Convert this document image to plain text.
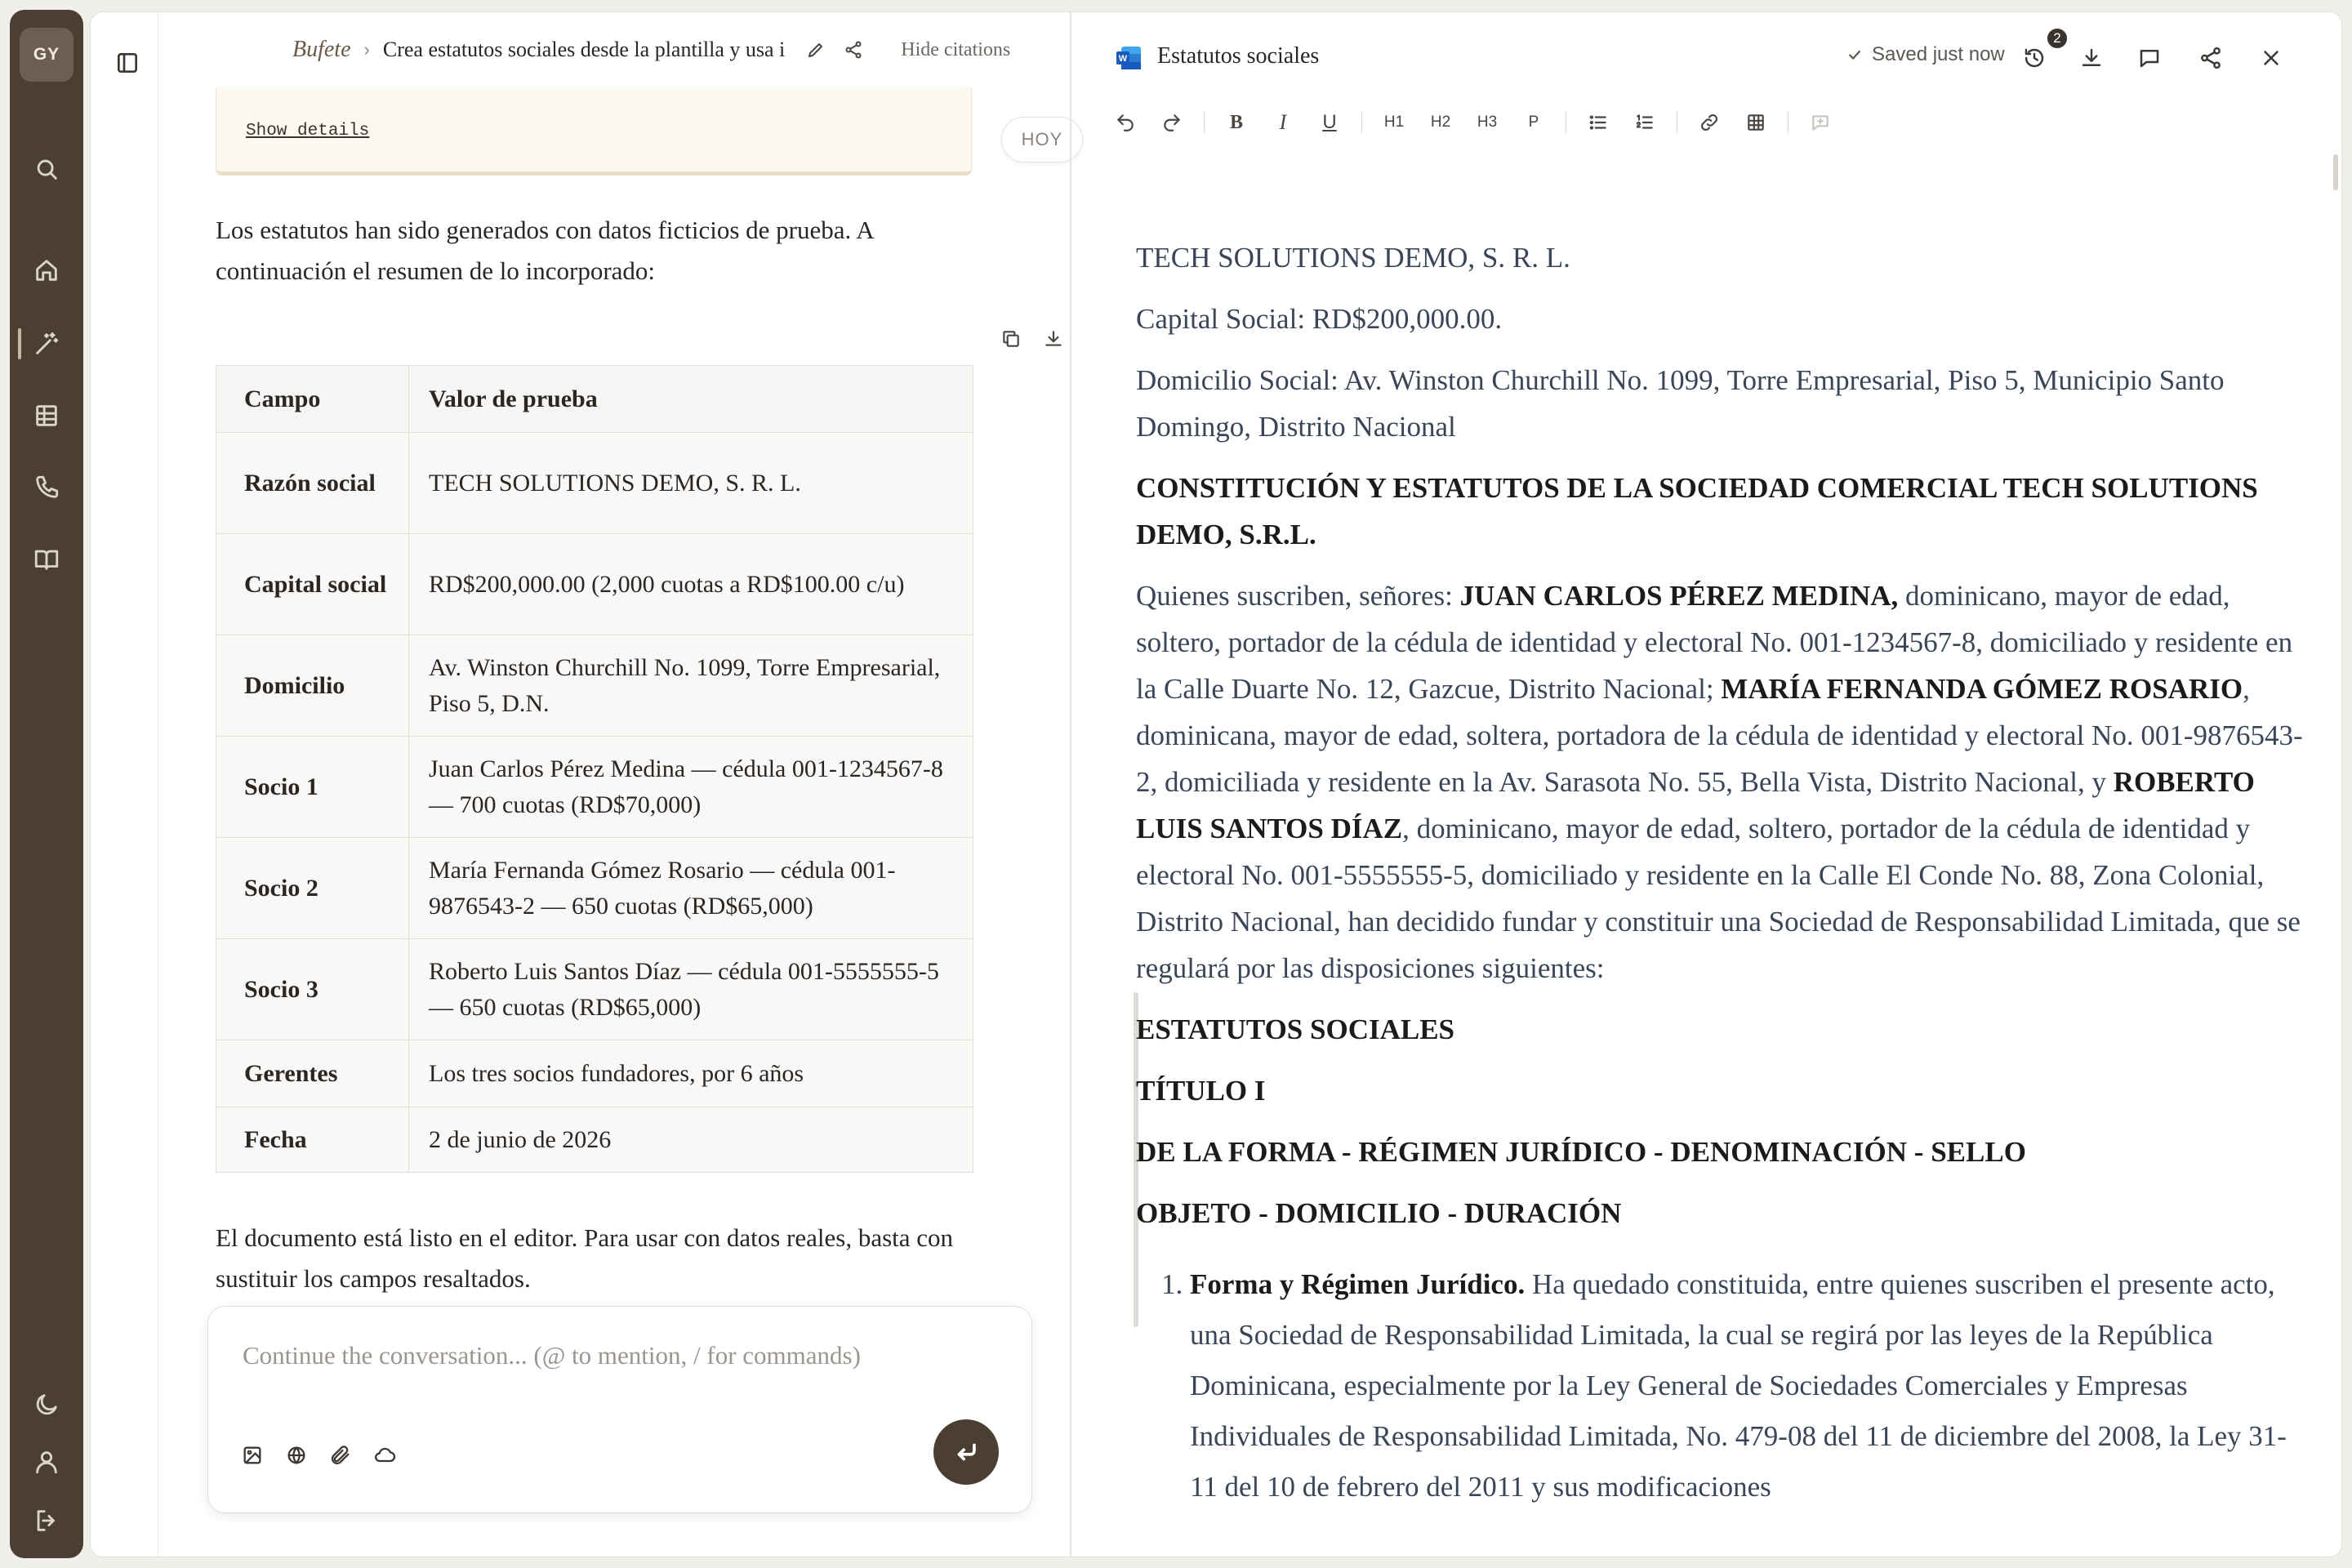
GY	Bufete › Crea estatutos sociales desde la plantilla y usa i	Hide citations
Show details	HOY

Los estatutos han sido generados con datos ficticios de prueba. A continuación el resumen de lo incorporado:

Campo	Valor de prueba
Razón social	TECH SOLUTIONS DEMO, S. R. L.
Capital social	RD$200,000.00 (2,000 cuotas a RD$100.00 c/u)
Domicilio	Av. Winston Churchill No. 1099, Torre Empresarial, Piso 5, D.N.
Socio 1	Juan Carlos Pérez Medina — cédula 001-1234567-8 — 700 cuotas (RD$70,000)
Socio 2	María Fernanda Gómez Rosario — cédula 001-9876543-2 — 650 cuotas (RD$65,000)
Socio 3	Roberto Luis Santos Díaz — cédula 001-5555555-5 — 650 cuotas (RD$65,000)
Gerentes	Los tres socios fundadores, por 6 años
Fecha	2 de junio de 2026

El documento está listo en el editor. Para usar con datos reales, basta con sustituir los campos resaltados.

Continue the conversation... (@ to mention, / for commands)
W Estatutos sociales	Saved just now
2
B	I	U	H1	H2	H3	P

TECH SOLUTIONS DEMO, S. R. L.

Capital Social: RD$200,000.00.

Domicilio Social: Av. Winston Churchill No. 1099, Torre Empresarial, Piso 5, Municipio Santo Domingo, Distrito Nacional

CONSTITUCIÓN Y ESTATUTOS DE LA SOCIEDAD COMERCIAL TECH SOLUTIONS DEMO, S.R.L.

Quienes suscriben, señores: JUAN CARLOS PÉREZ MEDINA, dominicano, mayor de edad, soltero, portador de la cédula de identidad y electoral No. 001-1234567-8, domiciliado y residente en la Calle Duarte No. 12, Gazcue, Distrito Nacional; MARÍA FERNANDA GÓMEZ ROSARIO, dominicana, mayor de edad, soltera, portadora de la cédula de identidad y electoral No. 001-9876543-2, domiciliada y residente en la Av. Sarasota No. 55, Bella Vista, Distrito Nacional, y ROBERTO LUIS SANTOS DÍAZ, dominicano, mayor de edad, soltero, portador de la cédula de identidad y electoral No. 001-5555555-5, domiciliado y residente en la Calle El Conde No. 88, Zona Colonial, Distrito Nacional, han decidido fundar y constituir una Sociedad de Responsabilidad Limitada, que se regulará por las disposiciones siguientes:

ESTATUTOS SOCIALES

TÍTULO I

DE LA FORMA - RÉGIMEN JURÍDICO - DENOMINACIÓN - SELLO

OBJETO - DOMICILIO - DURACIÓN

1. Forma y Régimen Jurídico. Ha quedado constituida, entre quienes suscriben el presente acto, una Sociedad de Responsabilidad Limitada, la cual se regirá por las leyes de la República Dominicana, especialmente por la Ley General de Sociedades Comerciales y Empresas Individuales de Responsabilidad Limitada, No. 479-08 del 11 de diciembre del 2008, la Ley 31-11 del 10 de febrero del 2011 y sus modificaciones
